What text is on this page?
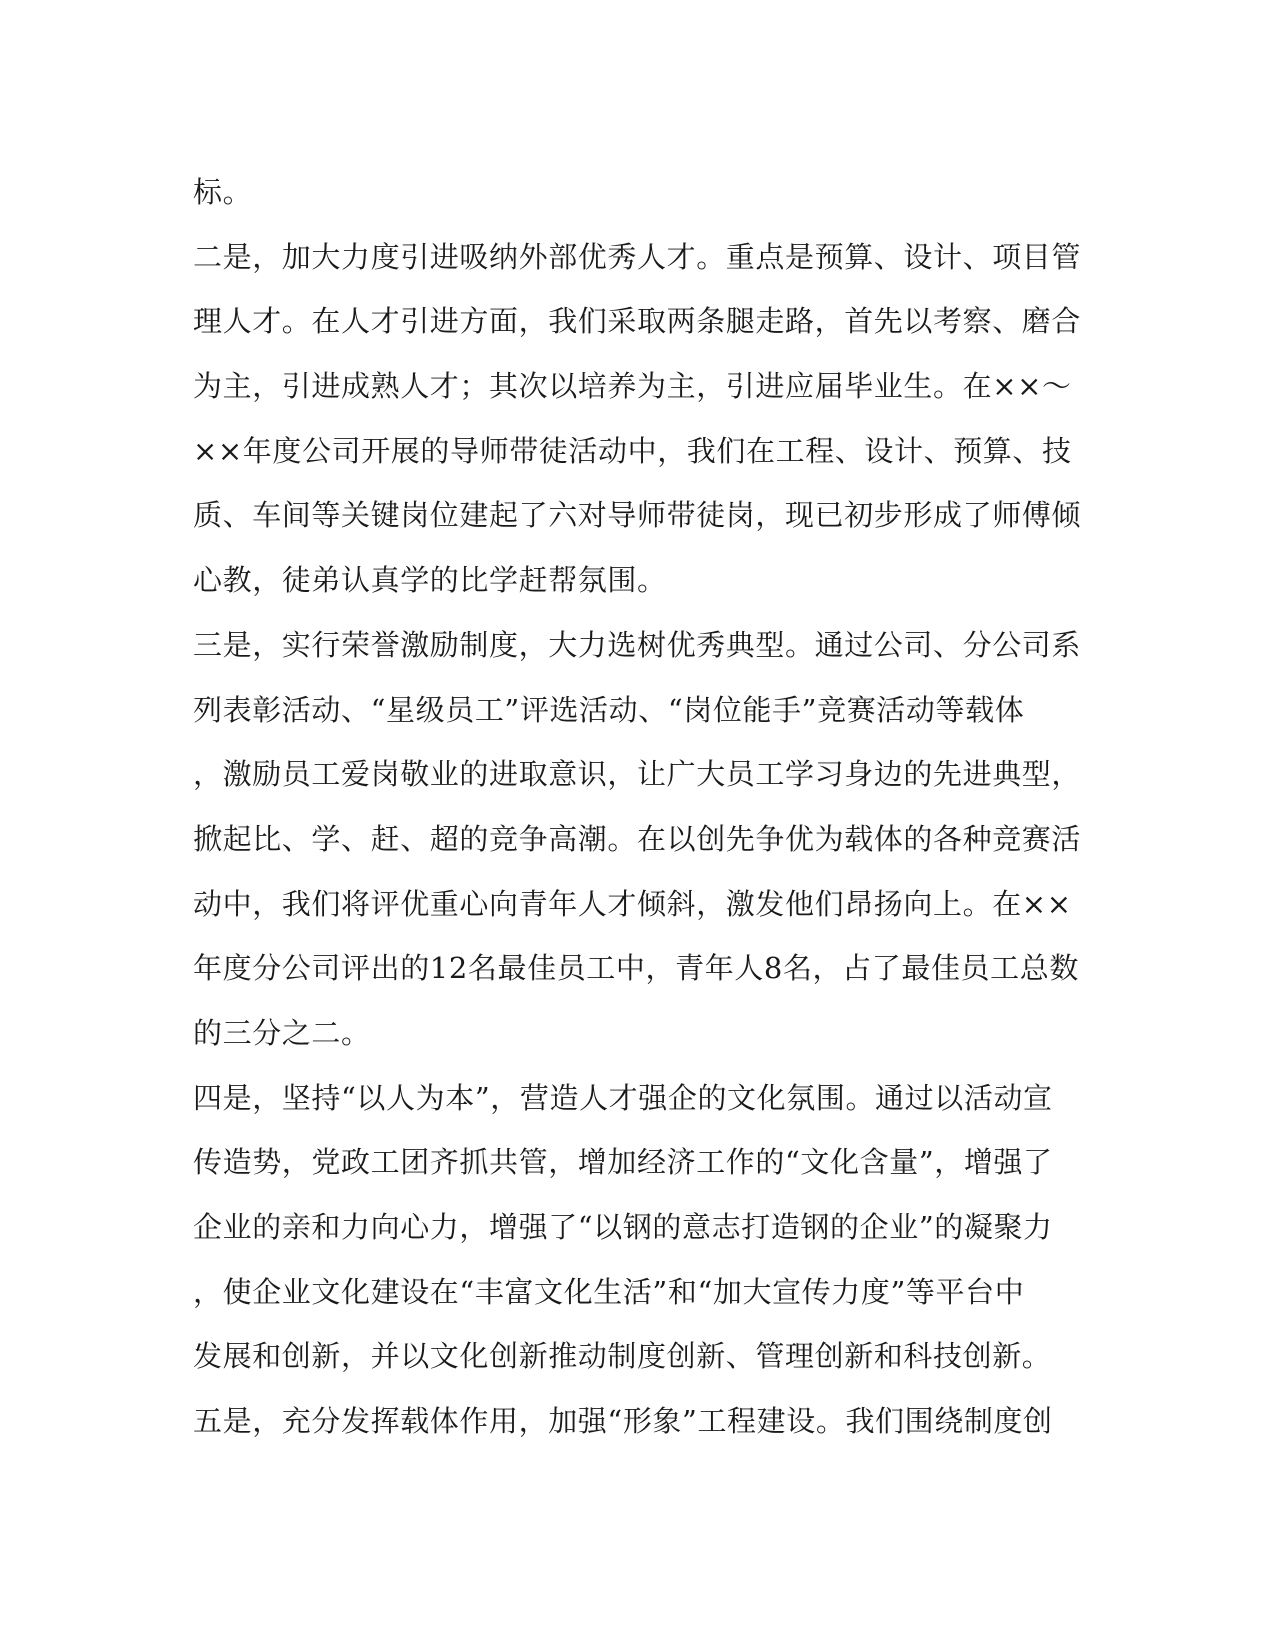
标。
二是，加大力度引进吸纳外部优秀人才。重点是预算、设计、项目管
理人才。在人才引进方面，我们采取两条腿走路，首先以考察、磨合
为主，引进成熟人才；其次以培养为主，引进应届毕业生。在××～
××年度公司开展的导师带徒活动中，我们在工程、设计、预算、技
质、车间等关键岗位建起了六对导师带徒岗，现已初步形成了师傅倾
心教，徒弟认真学的比学赶帮氛围。
三是，实行荣誉激励制度，大力选树优秀典型。通过公司、分公司系
列表彰活动、“星级员工”评选活动、“岗位能手”竞赛活动等载体
，激励员工爱岗敬业的进取意识，让广大员工学习身边的先进典型，
掀起比、学、赶、超的竞争高潮。在以创先争优为载体的各种竞赛活
动中，我们将评优重心向青年人才倾斜，激发他们昂扬向上。在××
年度分公司评出的12名最佳员工中，青年人8名，占了最佳员工总数
的三分之二。
四是，坚持“以人为本”，营造人才强企的文化氛围。通过以活动宣
传造势，党政工团齐抓共管，增加经济工作的“文化含量”，增强了
企业的亲和力向心力，增强了“以钢的意志打造钢的企业”的凝聚力
，使企业文化建设在“丰富文化生活”和“加大宣传力度”等平台中
发展和创新，并以文化创新推动制度创新、管理创新和科技创新。
五是，充分发挥载体作用，加强“形象”工程建设。我们围绕制度创
